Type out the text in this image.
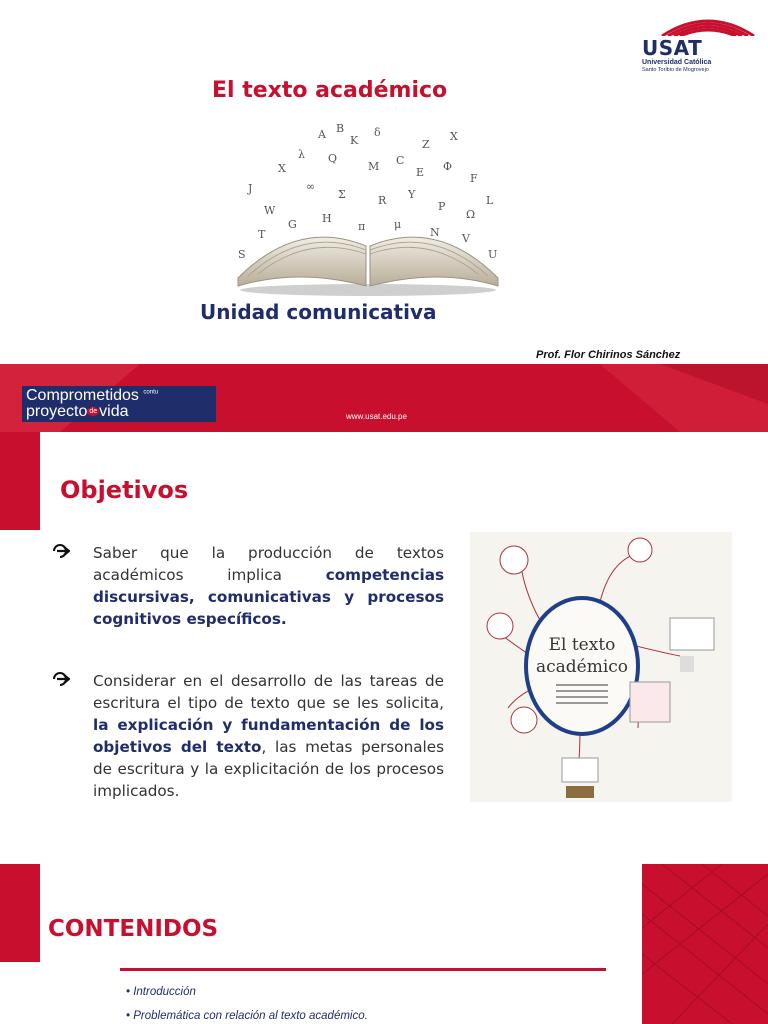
USAT
Universidad Católica
Santo Toribio de Mogrovejo
El texto académico
A B
K
δ
Z
X
X
λ Q
M C
E Φ
F
J
W
∞
Σ	R Y
P
Ω
L
T
G H
π	μ
N V
S	U
Unidad comunicativa
Prof. Flor Chirinos Sánchez
Comprometidos $^{contu}$
proyecto de vida	www.usat.edu.pe
Objetivos

Saber que la producción de textos académicos implica competencias discursivas, comunicativas y procesos cognitivos específicos.

Considerar en el desarrollo de las tareas de escritura el tipo de texto que se les solicita, la explicación y fundamentación de los objetivos del texto, las metas personales de escritura y la explicitación de los procesos implicados.

El texto
académico
CONTENIDOS
• Introducción
• Problemática con relación al texto académico.
